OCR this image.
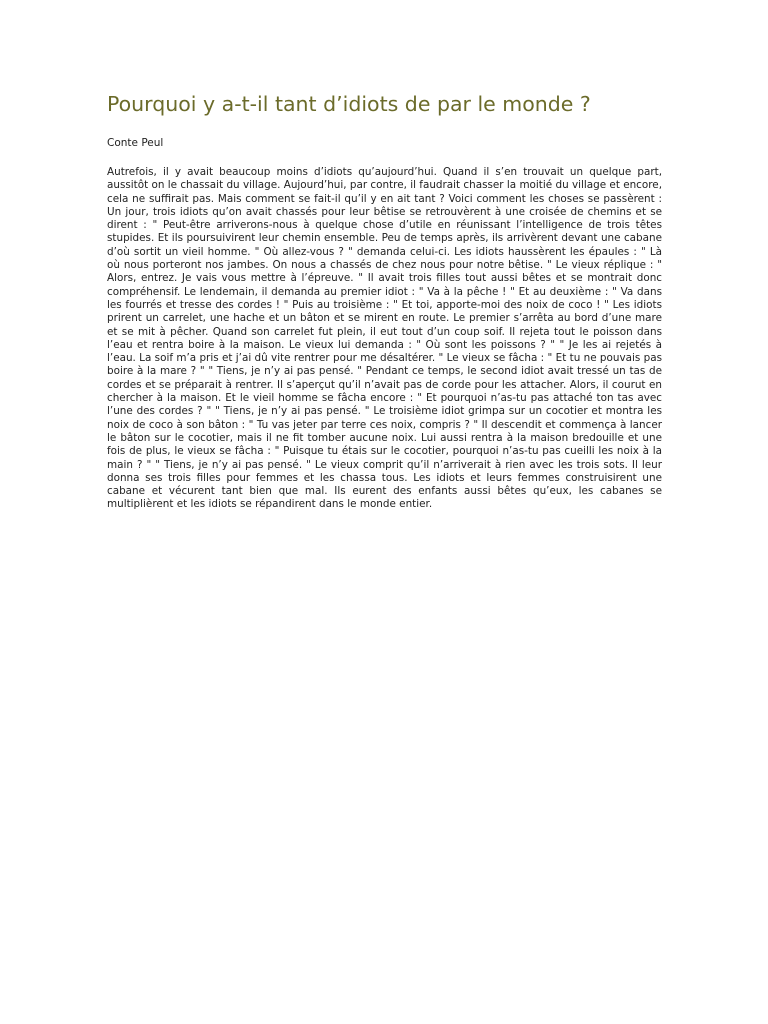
Pourquoi y a-t-il tant d’idiots de par le monde ?

Conte Peul

Autrefois, il y avait beaucoup moins d’idiots qu’aujourd’hui. Quand il s’en trouvait un quelque part, aussitôt on le chassait du village. Aujourd’hui, par contre, il faudrait chasser la moitié du village et encore, cela ne suffirait pas. Mais comment se fait-il qu’il y en ait tant ? Voici comment les choses se passèrent : Un jour, trois idiots qu’on avait chassés pour leur bêtise se retrouvèrent à une croisée de chemins et se dirent : " Peut-être arriverons-nous à quelque chose d’utile en réunissant l’intelligence de trois têtes stupides. Et ils poursuivirent leur chemin ensemble. Peu de temps après, ils arrivèrent devant une cabane d’où sortit un vieil homme. " Où allez-vous ? " demanda celui-ci. Les idiots haussèrent les épaules : " Là où nous porteront nos jambes. On nous a chassés de chez nous pour notre bêtise. " Le vieux réplique : " Alors, entrez. Je vais vous mettre à l’épreuve. " Il avait trois filles tout aussi bêtes et se montrait donc compréhensif. Le lendemain, il demanda au premier idiot : " Va à la pêche ! " Et au deuxième : " Va dans les fourrés et tresse des cordes ! " Puis au troisième : " Et toi, apporte-moi des noix de coco ! " Les idiots prirent un carrelet, une hache et un bâton et se mirent en route. Le premier s’arrêta au bord d’une mare et se mit à pêcher. Quand son carrelet fut plein, il eut tout d’un coup soif. Il rejeta tout le poisson dans l’eau et rentra boire à la maison. Le vieux lui demanda : " Où sont les poissons ? " " Je les ai rejetés à l’eau. La soif m’a pris et j’ai dû vite rentrer pour me désaltérer. " Le vieux se fâcha : " Et tu ne pouvais pas boire à la mare ? " " Tiens, je n’y ai pas pensé. " Pendant ce temps, le second idiot avait tressé un tas de cordes et se préparait à rentrer. Il s’aperçut qu’il n’avait pas de corde pour les attacher. Alors, il courut en chercher à la maison. Et le vieil homme se fâcha encore : " Et pourquoi n’as-tu pas attaché ton tas avec l’une des cordes ? " " Tiens, je n’y ai pas pensé. " Le troisième idiot grimpa sur un cocotier et montra les noix de coco à son bâton : " Tu vas jeter par terre ces noix, compris ? " Il descendit et commença à lancer le bâton sur le cocotier, mais il ne fit tomber aucune noix. Lui aussi rentra à la maison bredouille et une fois de plus, le vieux se fâcha : " Puisque tu étais sur le cocotier, pourquoi n’as-tu pas cueilli les noix à la main ? " " Tiens, je n’y ai pas pensé. " Le vieux comprit qu’il n’arriverait à rien avec les trois sots. Il leur donna ses trois filles pour femmes et les chassa tous. Les idiots et leurs femmes construisirent une cabane et vécurent tant bien que mal. Ils eurent des enfants aussi bêtes qu’eux, les cabanes se multiplièrent et les idiots se répandirent dans le monde entier.
